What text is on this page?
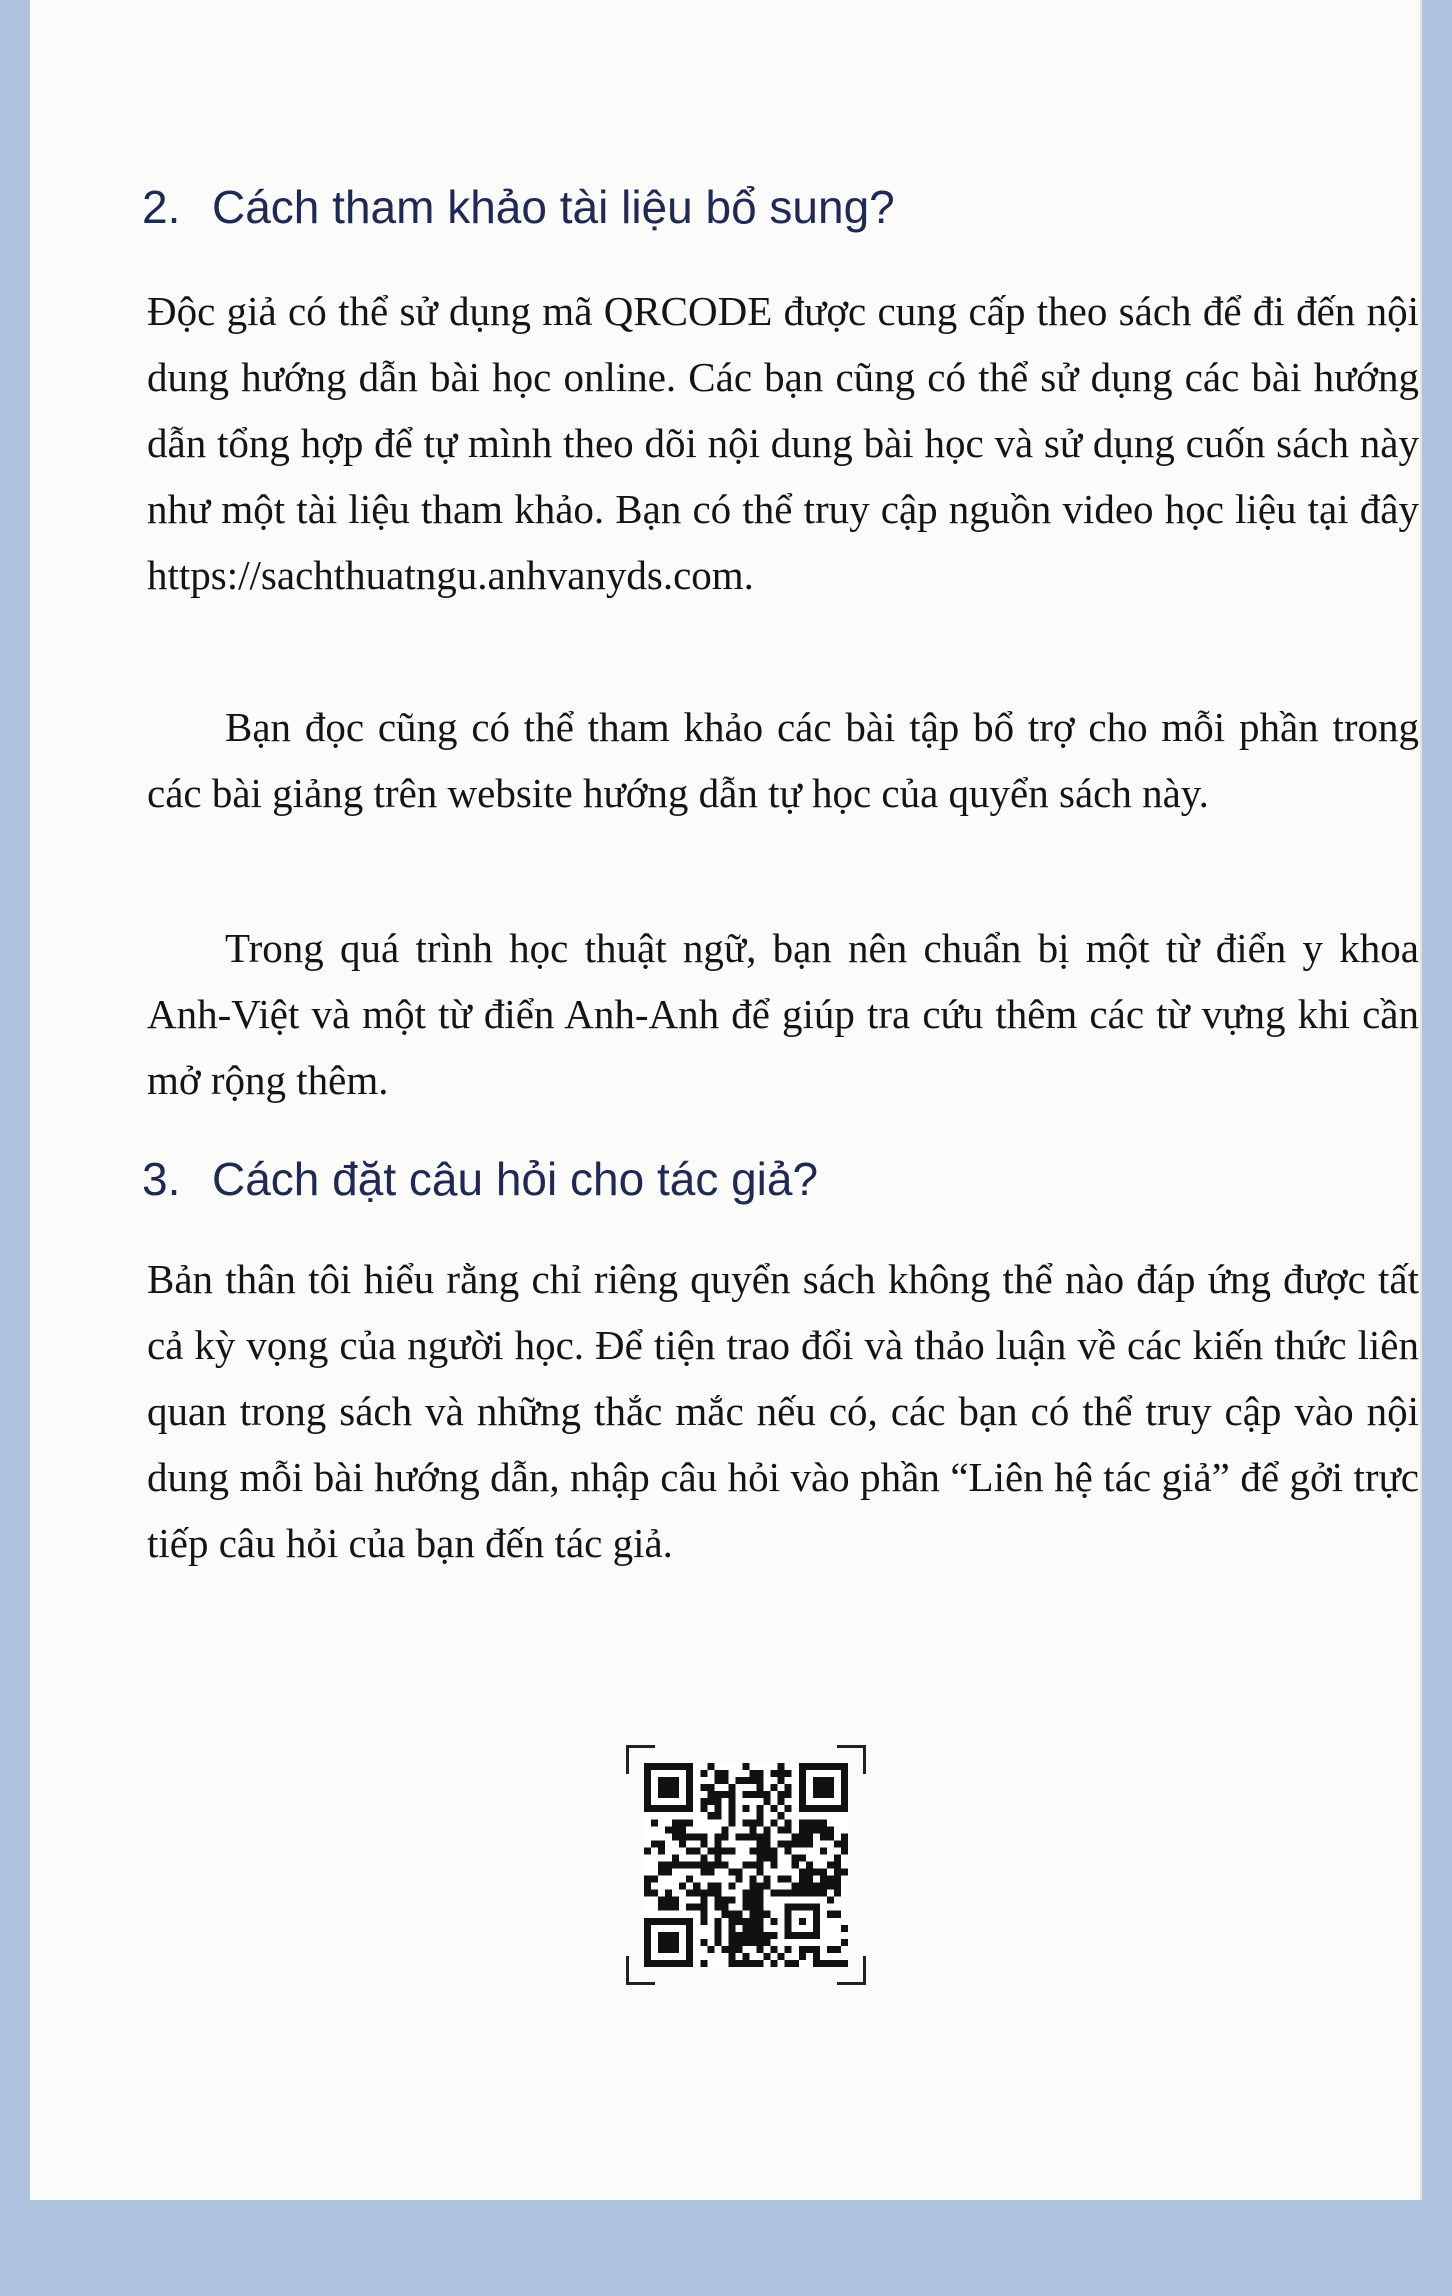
2. Cách tham khảo tài liệu bổ sung?

Độc giả có thể sử dụng mã QRCODE được cung cấp theo sách để đi đến nội dung hướng dẫn bài học online. Các bạn cũng có thể sử dụng các bài hướng dẫn tổng hợp để tự mình theo dõi nội dung bài học và sử dụng cuốn sách này như một tài liệu tham khảo. Bạn có thể truy cập nguồn video học liệu tại đây https://sachthuatngu.anhvanyds.com.

Bạn đọc cũng có thể tham khảo các bài tập bổ trợ cho mỗi phần trong các bài giảng trên website hướng dẫn tự học của quyển sách này.

Trong quá trình học thuật ngữ, bạn nên chuẩn bị một từ điển y khoa Anh-Việt và một từ điển Anh-Anh để giúp tra cứu thêm các từ vựng khi cần mở rộng thêm.

3. Cách đặt câu hỏi cho tác giả?

Bản thân tôi hiểu rằng chỉ riêng quyển sách không thể nào đáp ứng được tất cả kỳ vọng của người học. Để tiện trao đổi và thảo luận về các kiến thức liên quan trong sách và những thắc mắc nếu có, các bạn có thể truy cập vào nội dung mỗi bài hướng dẫn, nhập câu hỏi vào phần “Liên hệ tác giả” để gởi trực tiếp câu hỏi của bạn đến tác giả.
